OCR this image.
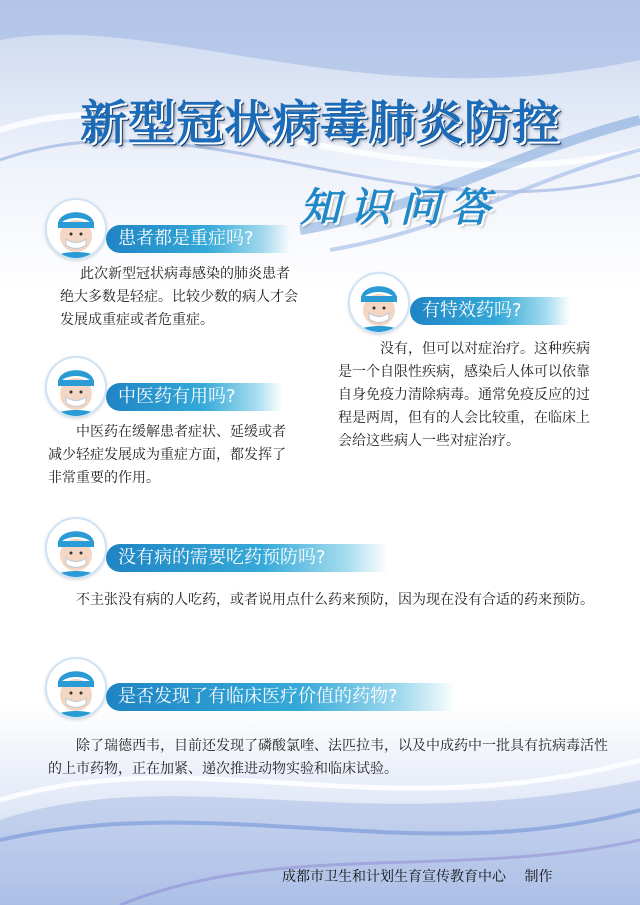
新型冠状病毒肺炎防控
知识问答
患者都是重症吗?
此次新型冠状病毒感染的肺炎患者绝大多数是轻症。比较少数的病人才会发展成重症或者危重症。	有特效药吗?
没有，但可以对症治疗。这种疾病是一个自限性疾病，感染后人体可以依靠自身免疫力清除病毒。通常免疫反应的过程是两周，但有的人会比较重，在临床上会给这些病人一些对症治疗。
中医药有用吗?
中医药在缓解患者症状、延缓或者减少轻症发展成为重症方面，都发挥了非常重要的作用。
没有病的需要吃药预防吗?
不主张没有病的人吃药，或者说用点什么药来预防，因为现在没有合适的药来预防。
是否发现了有临床医疗价值的药物?
除了瑞德西韦，目前还发现了磷酸氯喹、法匹拉韦，以及中成药中一批具有抗病毒活性的上市药物，正在加紧、递次推进动物实验和临床试验。
成都市卫生和计划生育宣传教育中心　 制作
